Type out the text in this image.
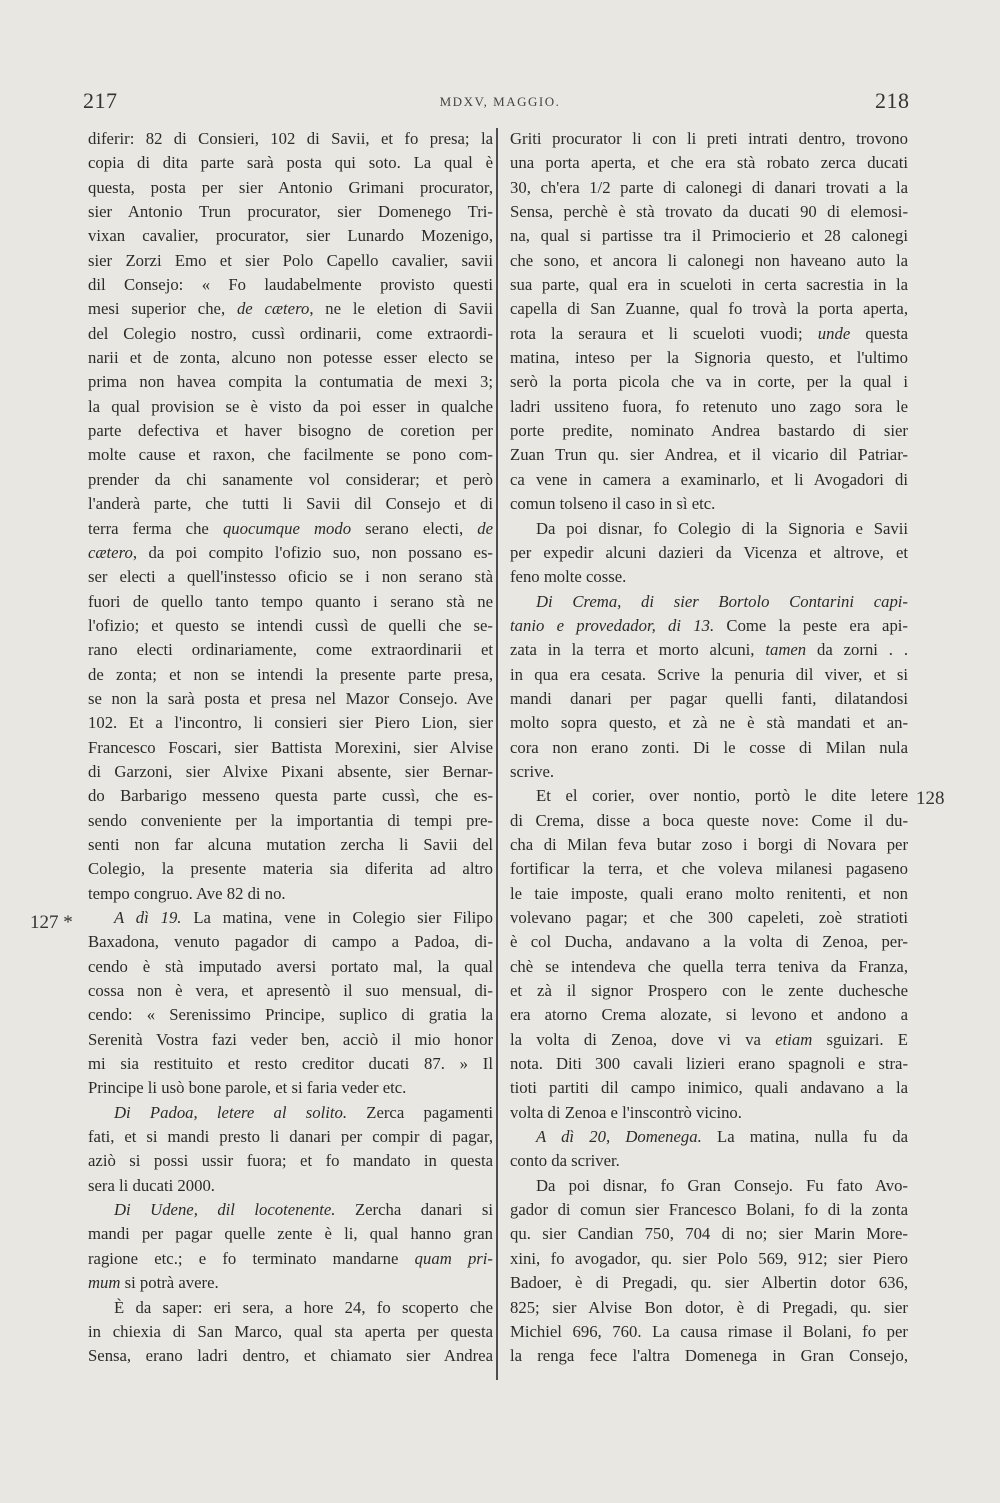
217	MDXV, MAGGIO.	218
127 *
128

diferir: 82 di Consieri, 102 di Savii, et fo presa; la

copia di dita parte sarà posta qui soto. La qual è

questa, posta per sier Antonio Grimani procurator,

sier Antonio Trun procurator, sier Domenego Tri-

vixan cavalier, procurator, sier Lunardo Mozenigo,

sier Zorzi Emo et sier Polo Capello cavalier, savii

dil Consejo: « Fo laudabelmente provisto questi

mesi superior che, de cætero, ne le eletion di Savii

del Colegio nostro, cussì ordinarii, come extraordi-

narii et de zonta, alcuno non potesse esser electo se

prima non havea compita la contumatia de mexi 3;

la qual provision se è visto da poi esser in qualche

parte defectiva et haver bisogno de coretion per

molte cause et raxon, che facilmente se pono com-

prender da chi sanamente vol considerar; et però

l'anderà parte, che tutti li Savii dil Consejo et di

terra ferma che quocumque modo serano electi, de

cætero, da poi compito l'ofizio suo, non possano es-

ser electi a quell'instesso oficio se i non serano stà

fuori de quello tanto tempo quanto i serano stà ne

l'ofizio; et questo se intendi cussì de quelli che se-

rano electi ordinariamente, come extraordinarii et

de zonta; et non se intendi la presente parte presa,

se non la sarà posta et presa nel Mazor Consejo. Ave

102. Et a l'incontro, li consieri sier Piero Lion, sier

Francesco Foscari, sier Battista Morexini, sier Alvise

di Garzoni, sier Alvixe Pixani absente, sier Bernar-

do Barbarigo messeno questa parte cussì, che es-

sendo conveniente per la importantia di tempi pre-

senti non far alcuna mutation zercha li Savii del

Colegio, la presente materia sia diferita ad altro

tempo congruo. Ave 82 di no.

A dì 19. La matina, vene in Colegio sier Filipo

Baxadona, venuto pagador di campo a Padoa, di-

cendo è stà imputado aversi portato mal, la qual

cossa non è vera, et apresentò il suo mensual, di-

cendo: « Serenissimo Principe, suplico di gratia la

Serenità Vostra fazi veder ben, acciò il mio honor

mi sia restituito et resto creditor ducati 87. » Il

Principe li usò bone parole, et si faria veder etc.

Di Padoa, letere al solito. Zerca pagamenti

fati, et si mandi presto li danari per compir di pagar,

aziò si possi ussir fuora; et fo mandato in questa

sera li ducati 2000.

Di Udene, dil locotenente. Zercha danari si

mandi per pagar quelle zente è li, qual hanno gran

ragione etc.; e fo terminato mandarne quam pri-

mum si potrà avere.

È da saper: eri sera, a hore 24, fo scoperto che

in chiexia di San Marco, qual sta aperta per questa

Sensa, erano ladri dentro, et chiamato sier Andrea

Griti procurator li con li preti intrati dentro, trovono

una porta aperta, et che era stà robato zerca ducati

30, ch'era 1/2 parte di calonegi di danari trovati a la

Sensa, perchè è stà trovato da ducati 90 di elemosi-

na, qual si partisse tra il Primocierio et 28 calonegi

che sono, et ancora li calonegi non haveano auto la

sua parte, qual era in scueloti in certa sacrestia in la

capella di San Zuanne, qual fo trovà la porta aperta,

rota la seraura et li scueloti vuodi; unde questa

matina, inteso per la Signoria questo, et l'ultimo

serò la porta picola che va in corte, per la qual i

ladri ussiteno fuora, fo retenuto uno zago sora le

porte predite, nominato Andrea bastardo di sier

Zuan Trun qu. sier Andrea, et il vicario dil Patriar-

ca vene in camera a examinarlo, et li Avogadori di

comun tolseno il caso in sì etc.

Da poi disnar, fo Colegio di la Signoria e Savii

per expedir alcuni dazieri da Vicenza et altrove, et

feno molte cosse.

Di Crema, di sier Bortolo Contarini capi-

tanio e provedador, di 13. Come la peste era api-

zata in la terra et morto alcuni, tamen da zorni . .

in qua era cesata. Scrive la penuria dil viver, et si

mandi danari per pagar quelli fanti, dilatandosi

molto sopra questo, et zà ne è stà mandati et an-

cora non erano zonti. Di le cosse di Milan nula

scrive.

Et el corier, over nontio, portò le dite letere

di Crema, disse a boca queste nove: Come il du-

cha di Milan feva butar zoso i borgi di Novara per

fortificar la terra, et che voleva milanesi pagaseno

le taie imposte, quali erano molto renitenti, et non

volevano pagar; et che 300 capeleti, zoè stratioti

è col Ducha, andavano a la volta di Zenoa, per-

chè se intendeva che quella terra teniva da Franza,

et zà il signor Prospero con le zente duchesche

era atorno Crema alozate, si levono et andono a

la volta di Zenoa, dove vi va etiam sguizari. E

nota. Diti 300 cavali lizieri erano spagnoli e stra-

tioti partiti dil campo inimico, quali andavano a la

volta di Zenoa e l'inscontrò vicino.

A dì 20, Domenega. La matina, nulla fu da

conto da scriver.

Da poi disnar, fo Gran Consejo. Fu fato Avo-

gador di comun sier Francesco Bolani, fo di la zonta

qu. sier Candian 750, 704 di no; sier Marin More-

xini, fo avogador, qu. sier Polo 569, 912; sier Piero

Badoer, è di Pregadi, qu. sier Albertin dotor 636,

825; sier Alvise Bon dotor, è di Pregadi, qu. sier

Michiel 696, 760. La causa rimase il Bolani, fo per

la renga fece l'altra Domenega in Gran Consejo,
